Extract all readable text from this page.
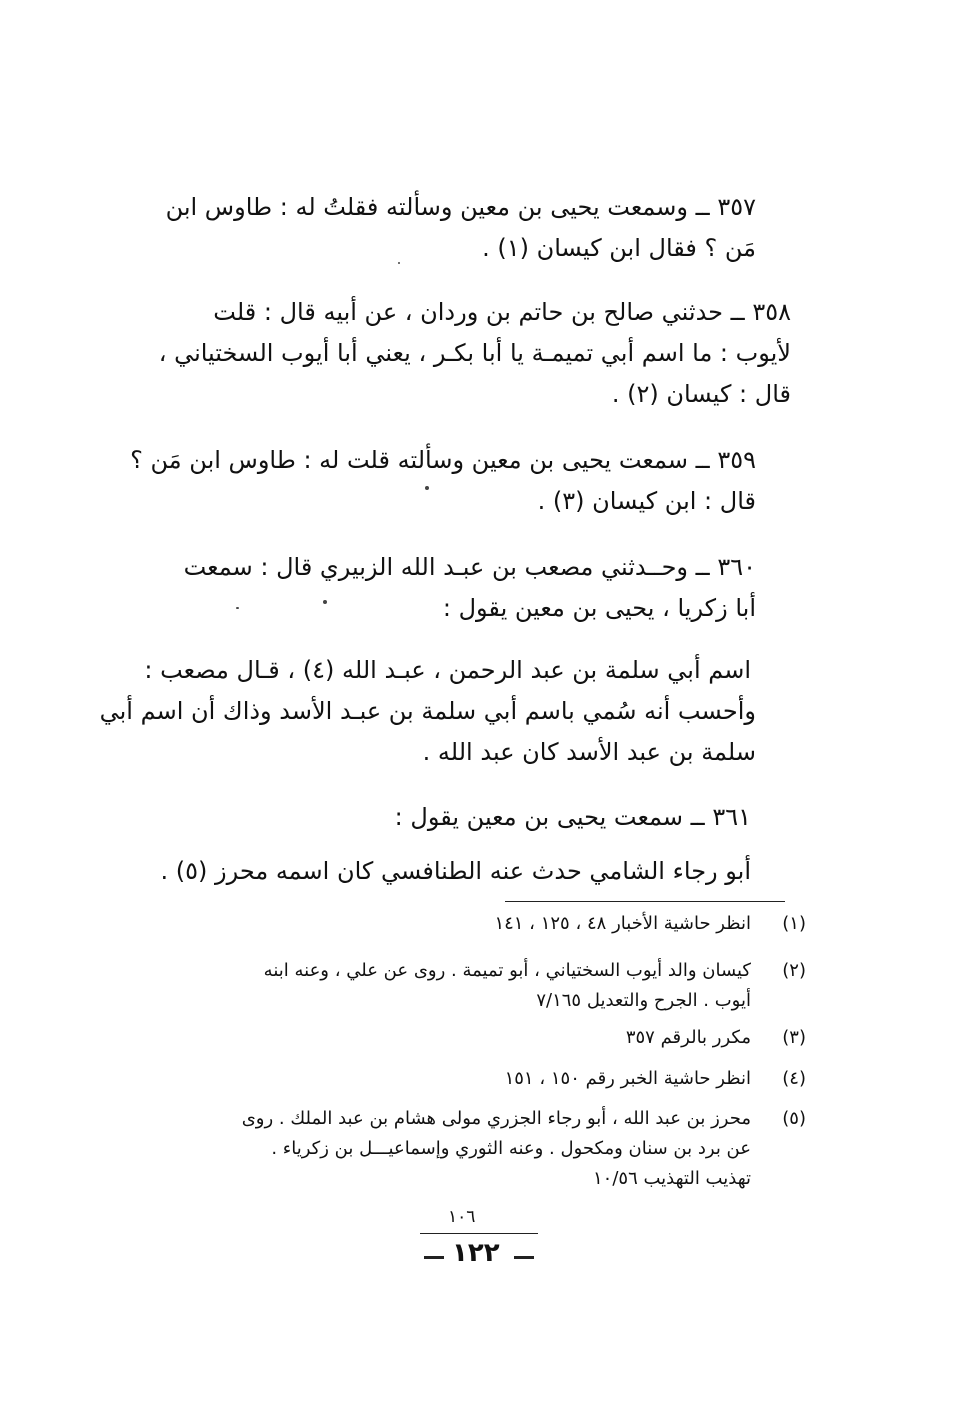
٣٥٧ ــ وسمعت يحيى بن معين وسألته فقلتُ له : طاوس ابن
مَن ؟ فقال ابن كيسان (١) .
٣٥٨ ــ حدثني صالح بن حاتم بن وردان ، عن أبيه قال : قلت
لأيوب : ما اسم أبي تميمـة يا أبا بكـر ، يعني أبا أيوب السختياني ،
قال : كيسان (٢) .
٣٥٩ ــ سمعت يحيى بن معين وسألته قلت له : طاوس ابن مَن ؟
قال : ابن كيسان (٣) .
٣٦٠ ــ وحــدثني مصعب بن عبـد الله الزبيري قال : سمعت
أبا زكريا ، يحيى بن معين يقول :
اسم أبي سلمة بن عبد الرحمن ، عبـد الله (٤) ، قـال مصعب :
وأحسب أنه سُمي باسم أبي سلمة بن عبـد الأسد وذاك أن اسم أبي
سلمة بن عبد الأسد كان عبد الله .
٣٦١ ــ سمعت يحيى بن معين يقول :
أبو رجاء الشامي حدث عنه الطنافسي كان اسمه محرز (٥) .
(١)
انظر حاشية الأخبار ٤٨ ، ١٢٥ ، ١٤١
(٢)
كيسان والد أيوب السختياني ، أبو تميمة . روى عن علي ، وعنه ابنه
أيوب . الجرح والتعديل ٧/١٦٥
(٣)
مكرر بالرقم ٣٥٧
(٤)
انظر حاشية الخبر رقم ١٥٠ ، ١٥١
(٥)
محرز بن عبد الله ، أبو رجاء الجزري مولى هشام بن عبد الملك . روى
عن برد بن سنان ومكحول . وعنه الثوري وإسماعيـــل بن زكرياء .
تهذيب التهذيب ١٠/٥٦
١٠٦
١٢٢
